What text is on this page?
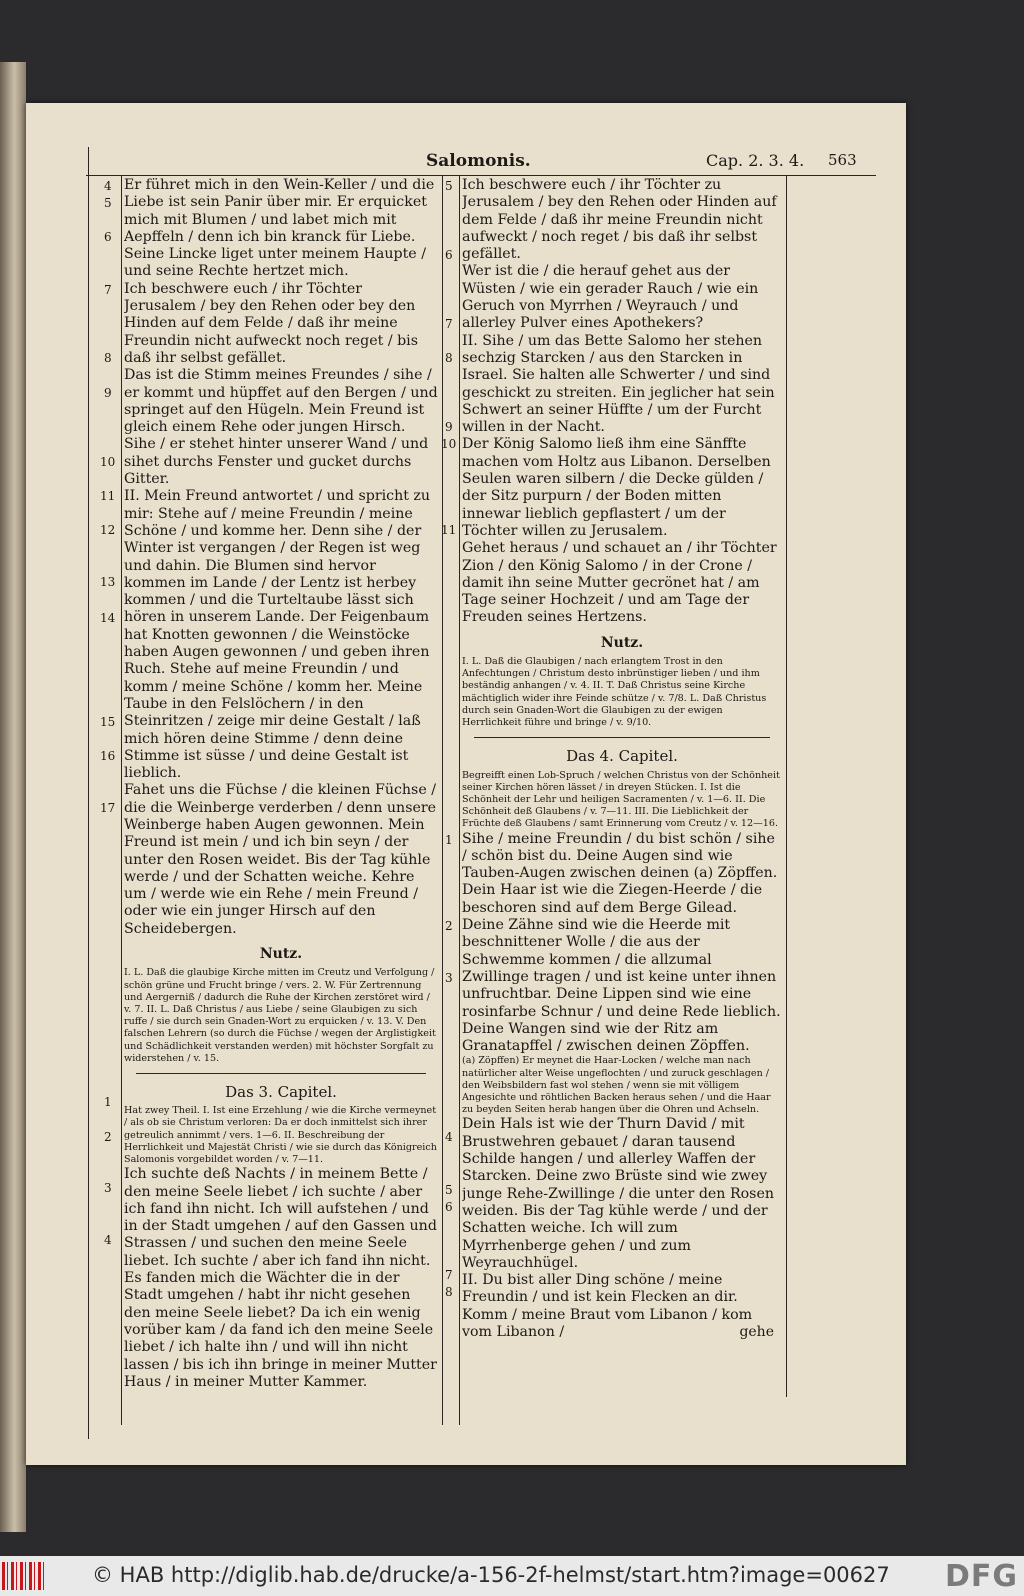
Salomonis.	Cap. 2. 3. 4. 563

Er führet mich in den Wein-Keller / und die Liebe ist sein Panir über mir. Er erquicket mich mit Blumen / und labet mich mit Aepffeln / denn ich bin kranck für Liebe. Seine Lincke liget unter meinem Haupte / und seine Rechte hertzet mich.

Ich beschwere euch / ihr Töchter Jerusalem / bey den Rehen oder bey den Hinden auf dem Felde / daß ihr meine Freundin nicht aufweckt noch reget / bis daß ihr selbst gefället.

Das ist die Stimm meines Freundes / sihe / er kommt und hüpffet auf den Bergen / und springet auf den Hügeln. Mein Freund ist gleich einem Rehe oder jungen Hirsch. Sihe / er stehet hinter unserer Wand / und sihet durchs Fenster und gucket durchs Gitter.

II. Mein Freund antwortet / und spricht zu mir: Stehe auf / meine Freundin / meine Schöne / und komme her. Denn sihe / der Winter ist vergangen / der Regen ist weg und dahin. Die Blumen sind hervor kommen im Lande / der Lentz ist herbey kommen / und die Turteltaube lässt sich hören in unserem Lande. Der Feigenbaum hat Knotten gewonnen / die Weinstöcke haben Augen gewonnen / und geben ihren Ruch. Stehe auf meine Freundin / und komm / meine Schöne / komm her. Meine Taube in den Felslöchern / in den Steinritzen / zeige mir deine Gestalt / laß mich hören deine Stimme / denn deine Stimme ist süsse / und deine Gestalt ist lieblich.

Fahet uns die Füchse / die kleinen Füchse / die die Weinberge verderben / denn unsere Weinberge haben Augen gewonnen. Mein Freund ist mein / und ich bin seyn / der unter den Rosen weidet. Bis der Tag kühle werde / und der Schatten weiche. Kehre um / werde wie ein Rehe / mein Freund / oder wie ein junger Hirsch auf den Scheidebergen.

Nutz.

I. L. Daß die glaubige Kirche mitten im Creutz und Verfolgung / schön grüne und Frucht bringe / vers. 2. W. Für Zertrennung und Aergerniß / dadurch die Ruhe der Kirchen zerstöret wird / v. 7. II. L. Daß Christus / aus Liebe / seine Glaubigen zu sich ruffe / sie durch sein Gnaden-Wort zu erquicken / v. 13. V. Den falschen Lehrern (so durch die Füchse / wegen der Arglistigkeit und Schädlichkeit verstanden werden) mit höchster Sorgfalt zu widerstehen / v. 15.

Das 3. Capitel.

Hat zwey Theil. I. Ist eine Erzehlung / wie die Kirche vermeynet / als ob sie Christum verloren: Da er doch inmittelst sich ihrer getreulich annimmt / vers. 1—6. II. Beschreibung der Herrlichkeit und Majestät Christi / wie sie durch das Königreich Salomonis vorgebildet worden / v. 7—11.

Ich suchte deß Nachts / in meinem Bette / den meine Seele liebet / ich suchte / aber ich fand ihn nicht. Ich will aufstehen / und in der Stadt umgehen / auf den Gassen und Strassen / und suchen den meine Seele liebet. Ich suchte / aber ich fand ihn nicht. Es fanden mich die Wächter die in der Stadt umgehen / habt ihr nicht gesehen den meine Seele liebet? Da ich ein wenig vorüber kam / da fand ich den meine Seele liebet / ich halte ihn / und will ihn nicht lassen / bis ich ihn bringe in meiner Mutter Haus / in meiner Mutter Kammer.

Ich beschwere euch / ihr Töchter zu Jerusalem / bey den Rehen oder Hinden auf dem Felde / daß ihr meine Freundin nicht aufweckt / noch reget / bis daß ihr selbst gefället.

Wer ist die / die herauf gehet aus der Wüsten / wie ein gerader Rauch / wie ein Geruch von Myrrhen / Weyrauch / und allerley Pulver eines Apothekers?

II. Sihe / um das Bette Salomo her stehen sechzig Starcken / aus den Starcken in Israel. Sie halten alle Schwerter / und sind geschickt zu streiten. Ein jeglicher hat sein Schwert an seiner Hüffte / um der Furcht willen in der Nacht.

Der König Salomo ließ ihm eine Sänffte machen vom Holtz aus Libanon. Derselben Seulen waren silbern / die Decke gülden / der Sitz purpurn / der Boden mitten innewar lieblich gepflastert / um der Töchter willen zu Jerusalem.

Gehet heraus / und schauet an / ihr Töchter Zion / den König Salomo / in der Crone / damit ihn seine Mutter gecrönet hat / am Tage seiner Hochzeit / und am Tage der Freuden seines Hertzens.

Nutz.

I. L. Daß die Glaubigen / nach erlangtem Trost in den Anfechtungen / Christum desto inbrünstiger lieben / und ihm beständig anhangen / v. 4. II. T. Daß Christus seine Kirche mächtiglich wider ihre Feinde schütze / v. 7/8. L. Daß Christus durch sein Gnaden-Wort die Glaubigen zu der ewigen Herrlichkeit führe und bringe / v. 9/10.

Das 4. Capitel.

Begreifft einen Lob-Spruch / welchen Christus von der Schönheit seiner Kirchen hören lässet / in dreyen Stücken. I. Ist die Schönheit der Lehr und heiligen Sacramenten / v. 1—6. II. Die Schönheit deß Glaubens / v. 7—11. III. Die Lieblichkeit der Früchte deß Glaubens / samt Erinnerung vom Creutz / v. 12—16.

Sihe / meine Freundin / du bist schön / sihe / schön bist du. Deine Augen sind wie Tauben-Augen zwischen deinen (a) Zöpffen. Dein Haar ist wie die Ziegen-Heerde / die beschoren sind auf dem Berge Gilead. Deine Zähne sind wie die Heerde mit beschnittener Wolle / die aus der Schwemme kommen / die allzumal Zwillinge tragen / und ist keine unter ihnen unfruchtbar. Deine Lippen sind wie eine rosinfarbe Schnur / und deine Rede lieblich. Deine Wangen sind wie der Ritz am Granatapffel / zwischen deinen Zöpffen.

(a) Zöpffen) Er meynet die Haar-Locken / welche man nach natürlicher alter Weise ungeflochten / und zuruck geschlagen / den Weibsbildern fast wol stehen / wenn sie mit völligem Angesichte und röhtlichen Backen heraus sehen / und die Haar zu beyden Seiten herab hangen über die Ohren und Achseln.

Dein Hals ist wie der Thurn David / mit Brustwehren gebauet / daran tausend Schilde hangen / und allerley Waffen der Starcken. Deine zwo Brüste sind wie zwey junge Rehe-Zwillinge / die unter den Rosen weiden. Bis der Tag kühle werde / und der Schatten weiche. Ich will zum Myrrhenberge gehen / und zum Weyrauchhügel.

II. Du bist aller Ding schöne / meine Freundin / und ist kein Flecken an dir. Komm / meine Braut vom Libanon / kom vom Libanon /

4
5
6
7
8
9
10
11
12
13
14
15
16
17
1
2
3
4
5
6
7
8
9
10
11
1
2
3
4
5
6
7
8
gehe
© HAB http://diglib.hab.de/drucke/a-156-2f-helmst/start.htm?image=00627 DFG
